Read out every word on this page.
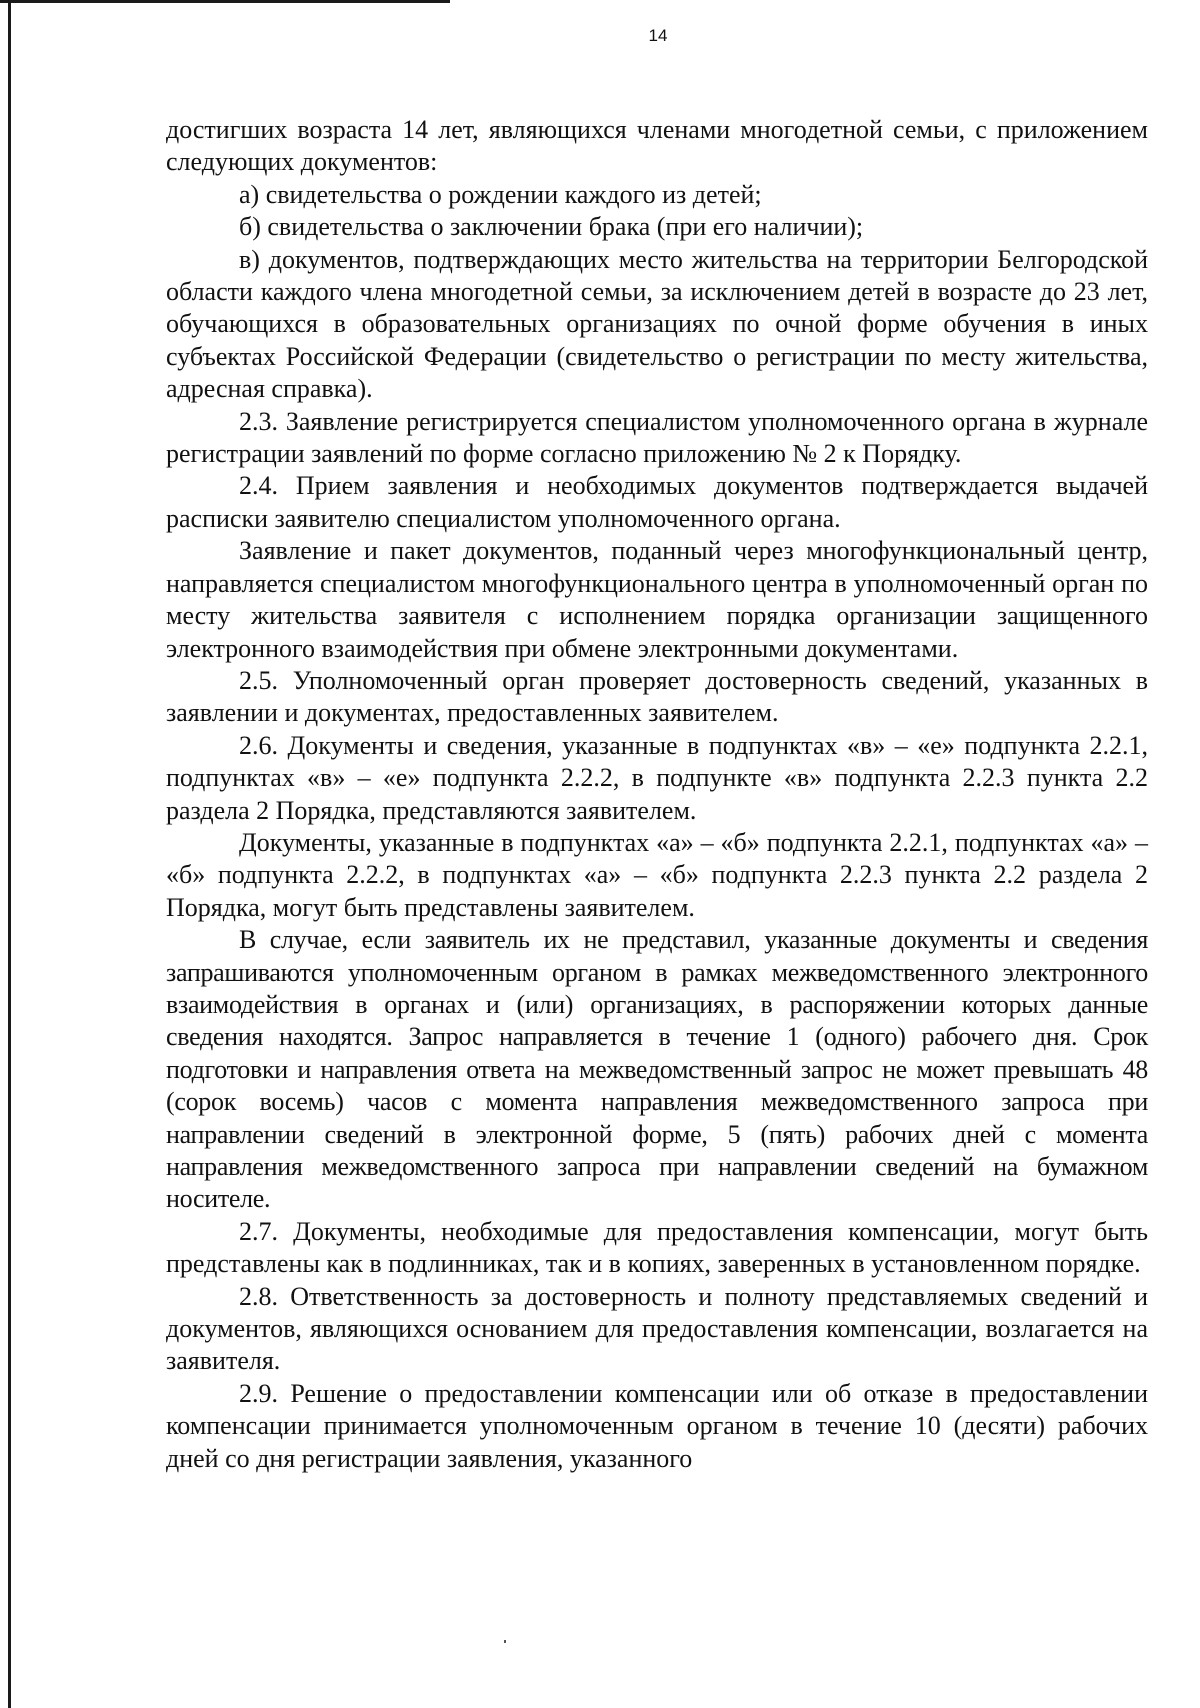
14

достигших возраста 14 лет, являющихся членами многодетной семьи, с приложением следующих документов:

а) свидетельства о рождении каждого из детей;

б) свидетельства о заключении брака (при его наличии);

в) документов, подтверждающих место жительства на территории Белгородской области каждого члена многодетной семьи, за исключением детей в возрасте до 23 лет, обучающихся в образовательных организациях по очной форме обучения в иных субъектах Российской Федерации (свидетельство о регистрации по месту жительства, адресная справка).

2.3. Заявление регистрируется специалистом уполномоченного органа в журнале регистрации заявлений по форме согласно приложению № 2 к Порядку.

2.4. Прием заявления и необходимых документов подтверждается выдачей расписки заявителю специалистом уполномоченного органа.

Заявление и пакет документов, поданный через многофункциональный центр, направляется специалистом многофункционального центра в уполномоченный орган по месту жительства заявителя с исполнением порядка организации защищенного электронного взаимодействия при обмене электронными документами.

2.5. Уполномоченный орган проверяет достоверность сведений, указанных в заявлении и документах, предоставленных заявителем.

2.6. Документы и сведения, указанные в подпунктах «в» – «е» подпункта 2.2.1, подпунктах «в» – «е» подпункта 2.2.2, в подпункте «в» подпункта 2.2.3 пункта 2.2 раздела 2 Порядка, представляются заявителем.

Документы, указанные в подпунктах «а» – «б» подпункта 2.2.1, подпунктах «а» – «б» подпункта 2.2.2, в подпунктах «а» – «б» подпункта 2.2.3 пункта 2.2 раздела 2 Порядка, могут быть представлены заявителем.

В случае, если заявитель их не представил, указанные документы и сведения запрашиваются уполномоченным органом в рамках межведомственного электронного взаимодействия в органах и (или) организациях, в распоряжении которых данные сведения находятся. Запрос направляется в течение 1 (одного) рабочего дня. Срок подготовки и направления ответа на межведомственный запрос не может превышать 48 (сорок восемь) часов с момента направления межведомственного запроса при направлении сведений в электронной форме, 5 (пять) рабочих дней с момента направления межведомственного запроса при направлении сведений на бумажном носителе.

2.7. Документы, необходимые для предоставления компенсации, могут быть представлены как в подлинниках, так и в копиях, заверенных в установленном порядке.

2.8. Ответственность за достоверность и полноту представляемых сведений и документов, являющихся основанием для предоставления компенсации, возлагается на заявителя.

2.9. Решение о предоставлении компенсации или об отказе в предоставлении компенсации принимается уполномоченным органом в течение 10 (десяти) рабочих дней со дня регистрации заявления, указанного
